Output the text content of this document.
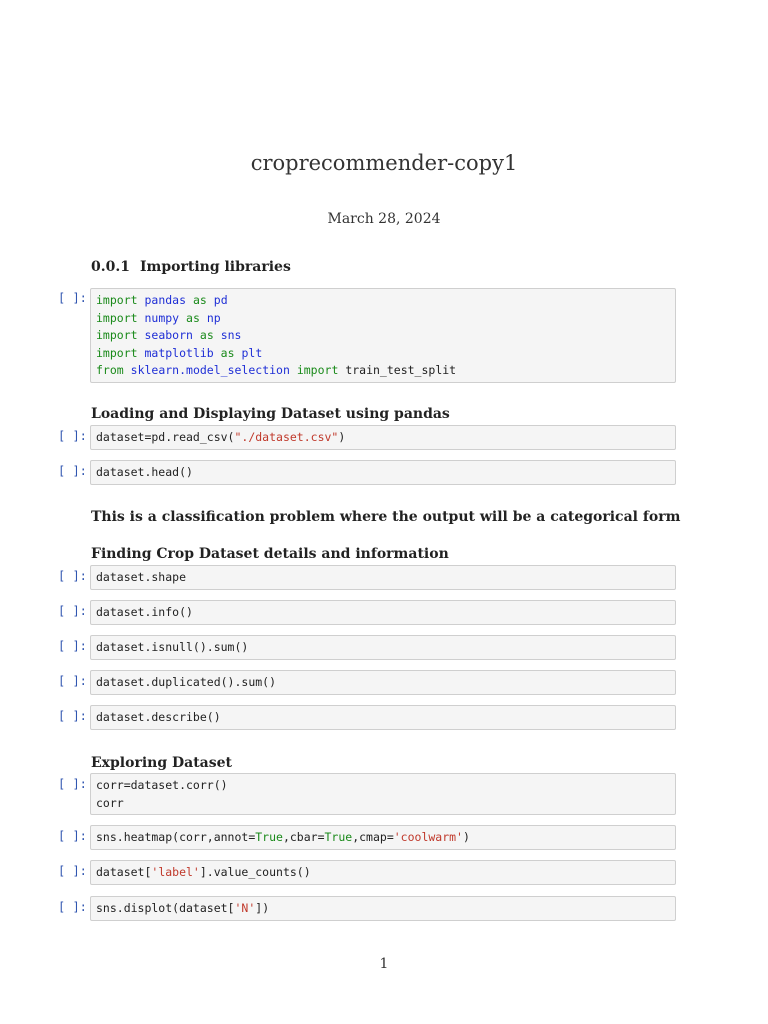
croprecommender-copy1
March 28, 2024
0.0.1 Importing libraries
[ ]: import pandas as pd
import numpy as np
import seaborn as sns
import matplotlib as plt
from sklearn.model_selection import train_test_split
Loading and Displaying Dataset using pandas
[ ]: dataset=pd.read_csv("./dataset.csv")
[ ]: dataset.head()
This is a classification problem where the output will be a categorical form
Finding Crop Dataset details and information
[ ]: dataset.shape
[ ]: dataset.info()
[ ]: dataset.isnull().sum()
[ ]: dataset.duplicated().sum()
[ ]: dataset.describe()
Exploring Dataset
[ ]: corr=dataset.corr()
corr
[ ]: sns.heatmap(corr,annot=True,cbar=True,cmap='coolwarm')
[ ]: dataset['label'].value_counts()
[ ]: sns.displot(dataset['N'])
1
